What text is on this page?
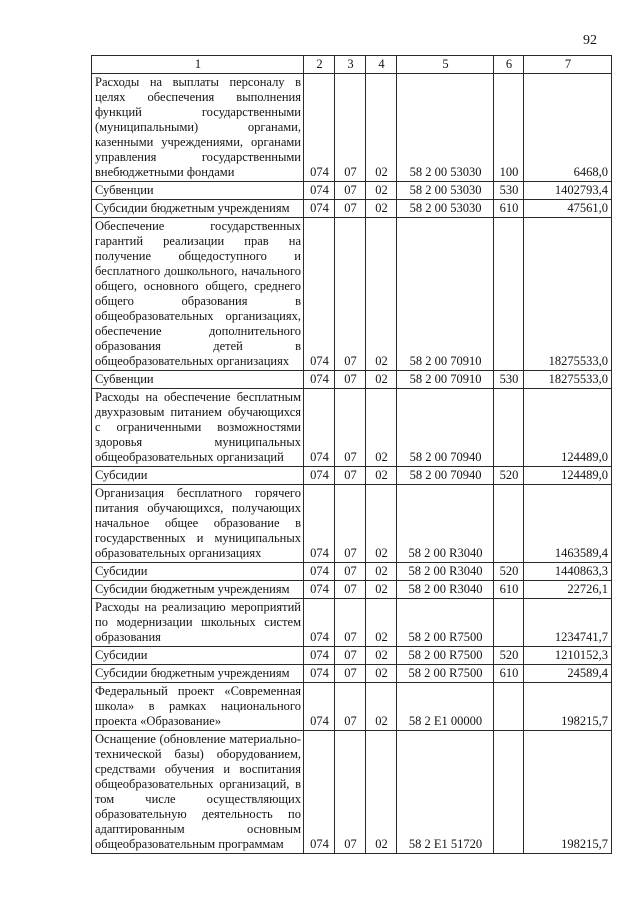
92
1	2	3	4	5	6	7
Расходы на выплаты персоналу в целях обеспечения выполнения функций государственными (муниципальными) органами, казенными учреждениями, органами управления государственными внебюджетными фондами	074	07	02	58 2 00 53030	100	6468,0
Субвенции	074	07	02	58 2 00 53030	530	1402793,4
Субсидии бюджетным учреждениям	074	07	02	58 2 00 53030	610	47561,0
Обеспечение государственных гарантий реализации прав на получение общедоступного и бесплатного дошкольного, начального общего, основного общего, среднего общего образования в общеобразовательных организациях, обеспечение дополнительного образования детей в общеобразовательных организациях	074	07	02	58 2 00 70910		18275533,0
Субвенции	074	07	02	58 2 00 70910	530	18275533,0
Расходы на обеспечение бесплатным двухразовым питанием обучающихся с ограниченными возможностями здоровья муниципальных общеобразовательных организаций	074	07	02	58 2 00 70940		124489,0
Субсидии	074	07	02	58 2 00 70940	520	124489,0
Организация бесплатного горячего питания обучающихся, получающих начальное общее образование в государственных и муниципальных образовательных организациях	074	07	02	58 2 00 R3040		1463589,4
Субсидии	074	07	02	58 2 00 R3040	520	1440863,3
Субсидии бюджетным учреждениям	074	07	02	58 2 00 R3040	610	22726,1
Расходы на реализацию мероприятий по модернизации школьных систем образования	074	07	02	58 2 00 R7500		1234741,7
Субсидии	074	07	02	58 2 00 R7500	520	1210152,3
Субсидии бюджетным учреждениям	074	07	02	58 2 00 R7500	610	24589,4
Федеральный проект «Современная школа» в рамках национального проекта «Образование»	074	07	02	58 2 E1 00000		198215,7
Оснащение (обновление материально-технической базы) оборудованием, средствами обучения и воспитания общеобразовательных организаций, в том числе осуществляющих образовательную деятельность по адаптированным основным общеобразовательным программам	074	07	02	58 2 E1 51720		198215,7
